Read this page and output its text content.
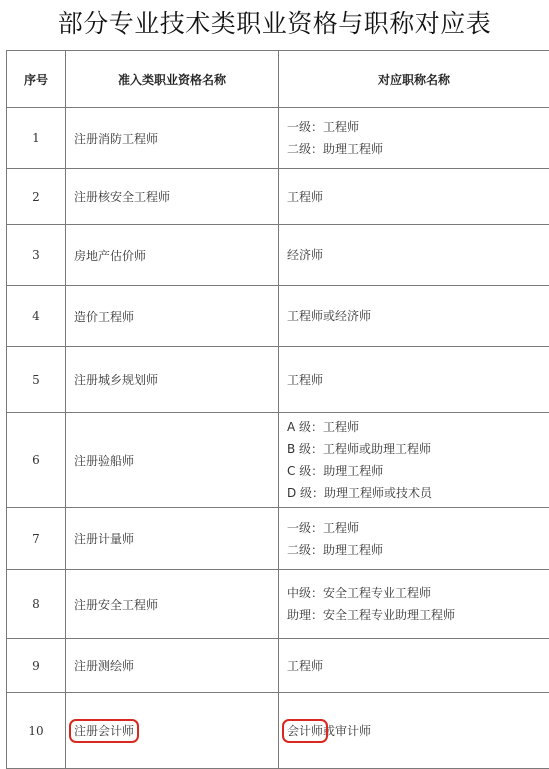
部分专业技术类职业资格与职称对应表
序号	准入类职业资格名称	对应职称名称
1	注册消防工程师	一级：工程师
二级：助理工程师

2	注册核安全工程师	工程师

3	房地产估价师	经济师

4	造价工程师	工程师或经济师

5	注册城乡规划师	工程师

6	注册验船师	A 级：工程师
B 级：工程师或助理工程师
C 级：助理工程师
D 级：助理工程师或技术员

7	注册计量师	一级：工程师
二级：助理工程师

8	注册安全工程师	中级：安全工程专业工程师
助理：安全工程专业助理工程师

9	注册测绘师	工程师

10	注册会计师	会计师或审计师
